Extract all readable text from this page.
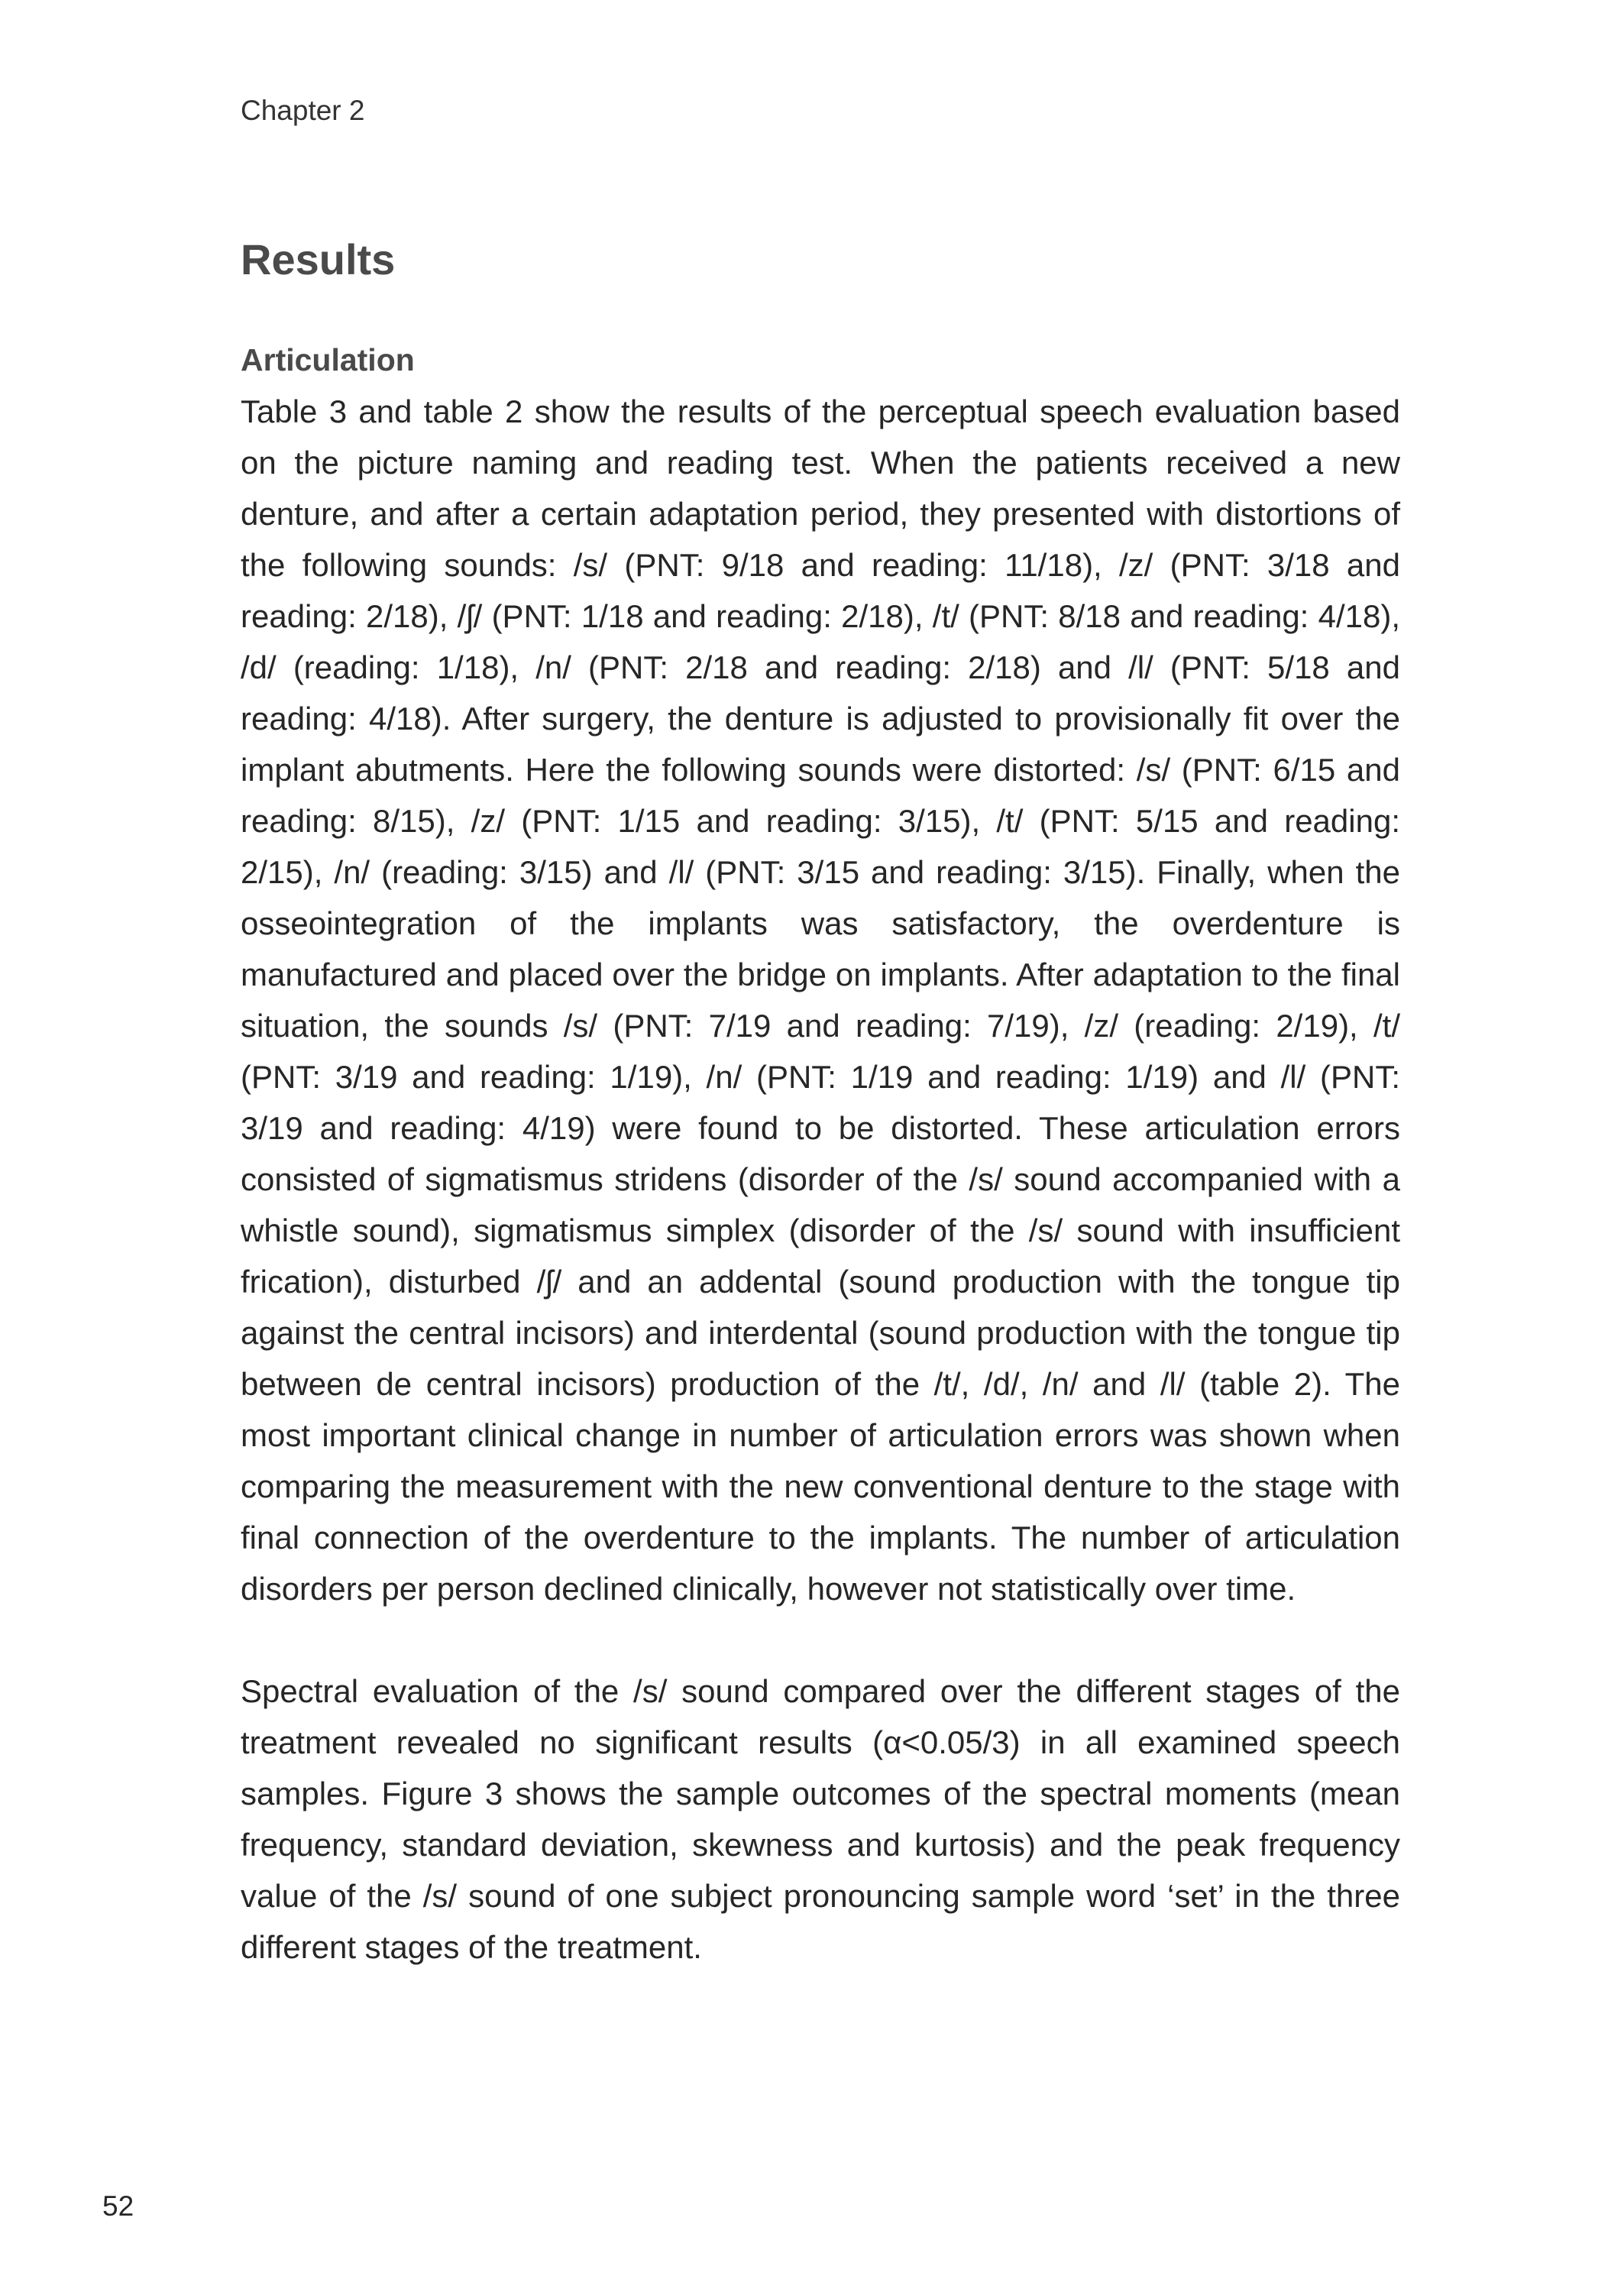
Chapter 2
Results
Articulation

Table 3 and table 2 show the results of the perceptual speech evaluation based on the picture naming and reading test. When the patients received a new denture, and after a certain adaptation period, they presented with distortions of the following sounds: /s/ (PNT: 9/18 and reading: 11/18), /z/ (PNT: 3/18 and reading: 2/18), /ʃ/ (PNT: 1/18 and reading: 2/18), /t/ (PNT: 8/18 and reading: 4/18), /d/ (reading: 1/18), /n/ (PNT: 2/18 and reading: 2/18) and /l/ (PNT: 5/18 and reading: 4/18). After surgery, the denture is adjusted to provisionally fit over the implant abutments. Here the following sounds were distorted: /s/ (PNT: 6/15 and reading: 8/15), /z/ (PNT: 1/15 and reading: 3/15), /t/ (PNT: 5/15 and reading: 2/15), /n/ (reading: 3/15) and /l/ (PNT: 3/15 and reading: 3/15). Finally, when the osseointegration of the implants was satisfactory, the overdenture is manufactured and placed over the bridge on implants. After adaptation to the final situation, the sounds /s/ (PNT: 7/19 and reading: 7/19), /z/ (reading: 2/19), /t/ (PNT: 3/19 and reading: 1/19), /n/ (PNT: 1/19 and reading: 1/19) and /l/ (PNT: 3/19 and reading: 4/19) were found to be distorted. These articulation errors consisted of sigmatismus stridens (disorder of the /s/ sound accompanied with a whistle sound), sigmatismus simplex (disorder of the /s/ sound with insufficient frication), disturbed /ʃ/ and an addental (sound production with the tongue tip against the central incisors) and interdental (sound production with the tongue tip between de central incisors) production of the /t/, /d/, /n/ and /l/ (table 2). The most important clinical change in number of articulation errors was shown when comparing the measurement with the new conventional denture to the stage with final connection of the overdenture to the implants. The number of articulation disorders per person declined clinically, however not statistically over time.

Spectral evaluation of the /s/ sound compared over the different stages of the treatment revealed no significant results (α<0.05/3) in all examined speech samples. Figure 3 shows the sample outcomes of the spectral moments (mean frequency, standard deviation, skewness and kurtosis) and the peak frequency value of the /s/ sound of one subject pronouncing sample word ‘set’ in the three different stages of the treatment.

52
